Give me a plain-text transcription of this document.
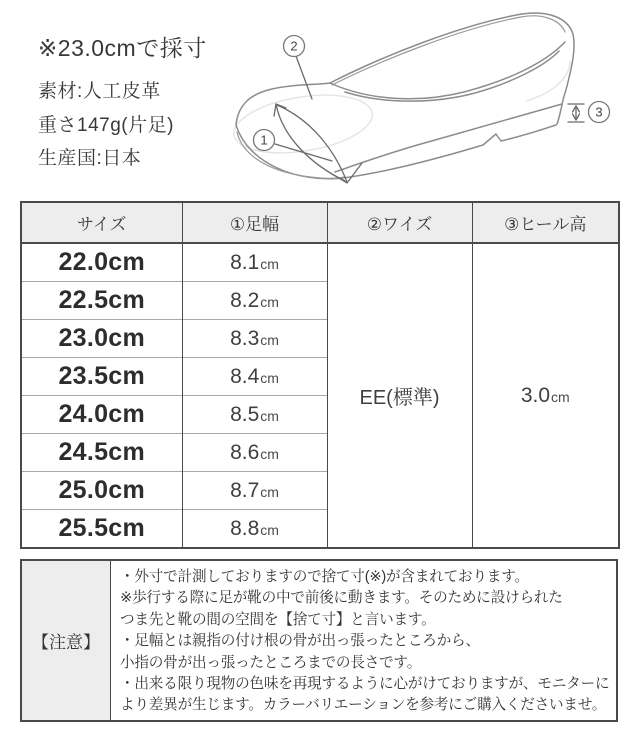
※23.0cmで採寸
素材:人工皮革
重さ147g(片足)
生産国:日本
2
1
3
サイズ	①足幅	②ワイズ	③ヒール高
22.0cm	8.1cm	EE(標準)	3.0cm
22.5cm	8.2cm		
23.0cm	8.3cm		
23.5cm	8.4cm		
24.0cm	8.5cm		
24.5cm	8.6cm		
25.0cm	8.7cm		
25.5cm	8.8cm		
【注意】
・外寸で計測しておりますので捨て寸(※)が含まれております。
※歩行する際に足が靴の中で前後に動きます。そのために設けられた
つま先と靴の間の空間を【捨て寸】と言います。
・足幅とは親指の付け根の骨が出っ張ったところから、
小指の骨が出っ張ったところまでの長さです。
・出来る限り現物の色味を再現するように心がけておりますが、モニターに
より差異が生じます。カラーバリエーションを参考にご購入くださいませ。
